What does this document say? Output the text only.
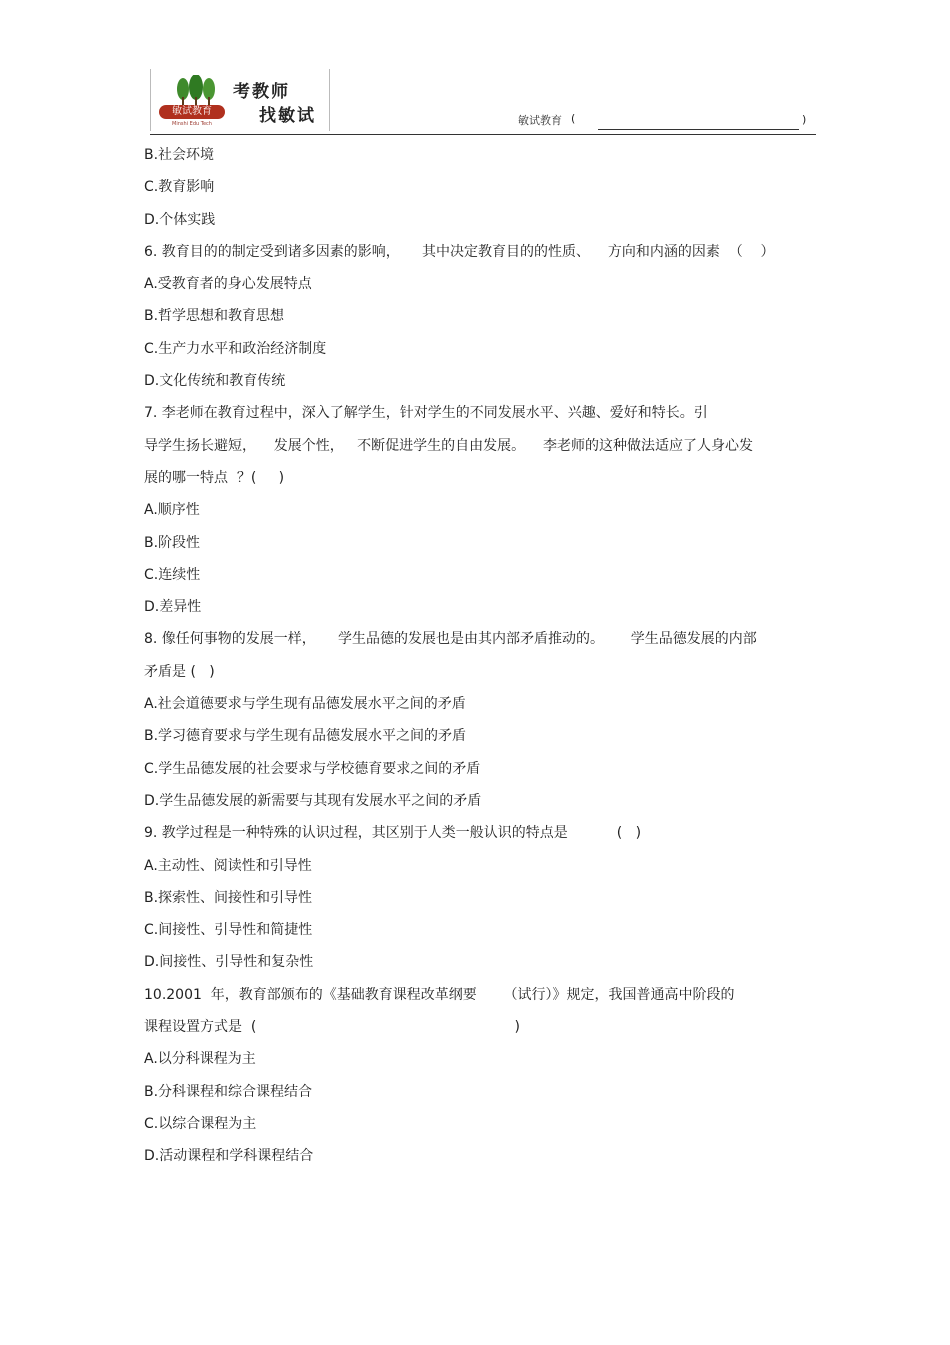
敏试教育
Minshi Edu Tech
考教师
找敏试	敏试教育 (	)
B.社会环境
C.教育影响
D.个体实践
6. 教育目的的制定受到诸多因素的影响，     其中决定教育目的的性质、    方向和内涵的因素  （    ）
A.受教育者的身心发展特点
B.哲学思想和教育思想
C.生产力水平和政治经济制度
D.文化传统和教育传统
7. 李老师在教育过程中，深入了解学生，针对学生的不同发展水平、兴趣、爱好和特长。引
导学生扬长避短，    发展个性，   不断促进学生的自由发展。    李老师的这种做法适应了人身心发
展的哪一特点  ？(     )
A.顺序性
B.阶段性
C.连续性
D.差异性
8. 像任何事物的发展一样，     学生品德的发展也是由其内部矛盾推动的。      学生品德发展的内部
矛盾是 (   )
A.社会道德要求与学生现有品德发展水平之间的矛盾
B.学习德育要求与学生现有品德发展水平之间的矛盾
C.学生品德发展的社会要求与学校德育要求之间的矛盾
D.学生品德发展的新需要与其现有发展水平之间的矛盾
9. 教学过程是一种特殊的认识过程，其区别于人类一般认识的特点是           (   )
A.主动性、阅读性和引导性
B.探索性、间接性和引导性
C.间接性、引导性和简捷性
D.间接性、引导性和复杂性
10.2001  年，教育部颁布的《基础教育课程改革纲要      （试行）》规定，我国普通高中阶段的
课程设置方式是  (                                                          )
A.以分科课程为主
B.分科课程和综合课程结合
C.以综合课程为主
D.活动课程和学科课程结合
